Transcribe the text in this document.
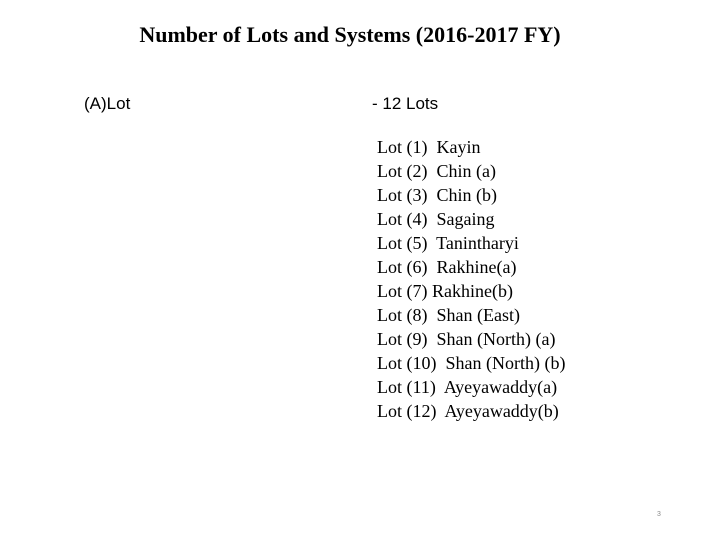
Number of Lots and Systems (2016-2017 FY)
(A)Lot	- 12 Lots
Lot (1)  Kayin
Lot (2)  Chin (a)
Lot (3)  Chin (b)
Lot (4)  Sagaing
Lot (5)  Tanintharyi
Lot (6)  Rakhine(a)
Lot (7) Rakhine(b)
Lot (8)  Shan (East)
Lot (9)  Shan (North) (a)
Lot (10)  Shan (North) (b)
Lot (11)  Ayeyawaddy(a)
Lot (12)  Ayeyawaddy(b)
3
